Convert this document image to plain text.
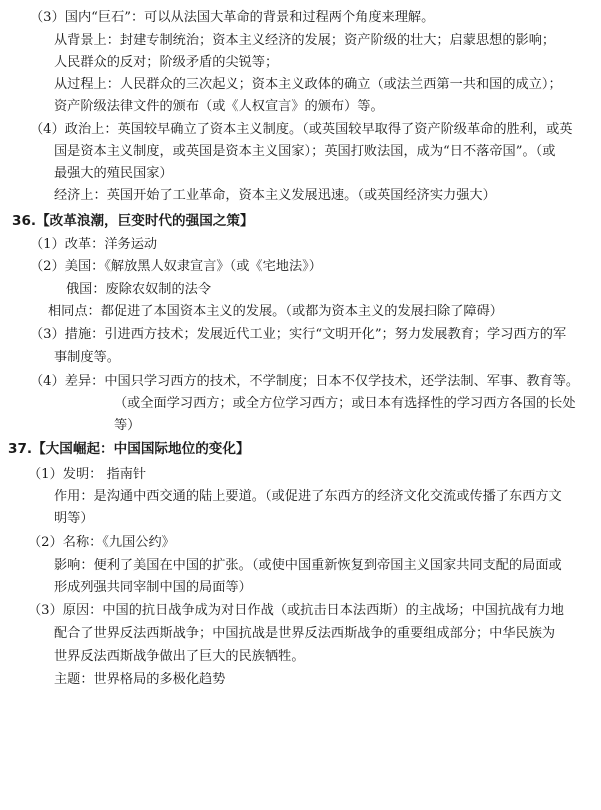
（3）国内“巨石”：可以从法国大革命的背景和过程两个角度来理解。
从背景上：封建专制统治；资本主义经济的发展；资产阶级的壮大；启蒙思想的影响；
人民群众的反对；阶级矛盾的尖锐等；
从过程上：人民群众的三次起义；资本主义政体的确立（或法兰西第一共和国的成立）；
资产阶级法律文件的颁布（或《人权宣言》的颁布）等。
（4）政治上：英国较早确立了资本主义制度。（或英国较早取得了资产阶级革命的胜利，或英
国是资本主义制度，或英国是资本主义国家）；英国打败法国，成为“日不落帝国”。（或
最强大的殖民国家）
经济上：英国开始了工业革命，资本主义发展迅速。（或英国经济实力强大）
36.【改革浪潮，巨变时代的强国之策】
（1）改革：洋务运动
（2）美国：《解放黑人奴隶宣言》（或《宅地法》）
俄国：废除农奴制的法令
相同点：都促进了本国资本主义的发展。（或都为资本主义的发展扫除了障碍）
（3）措施：引进西方技术；发展近代工业；实行“文明开化”；努力发展教育；学习西方的军
事制度等。
（4）差异：中国只学习西方的技术，不学制度；日本不仅学技术，还学法制、军事、教育等。
（或全面学习西方；或全方位学习西方；或日本有选择性的学习西方各国的长处
等）
37.【大国崛起：中国国际地位的变化】
（1）发明： 指南针
作用：是沟通中西交通的陆上要道。（或促进了东西方的经济文化交流或传播了东西方文
明等）
（2）名称：《九国公约》
影响：便利了美国在中国的扩张。（或使中国重新恢复到帝国主义国家共同支配的局面或
形成列强共同宰制中国的局面等）
（3）原因：中国的抗日战争成为对日作战（或抗击日本法西斯）的主战场；中国抗战有力地
配合了世界反法西斯战争；中国抗战是世界反法西斯战争的重要组成部分；中华民族为
世界反法西斯战争做出了巨大的民族牺牲。
主题：世界格局的多极化趋势
